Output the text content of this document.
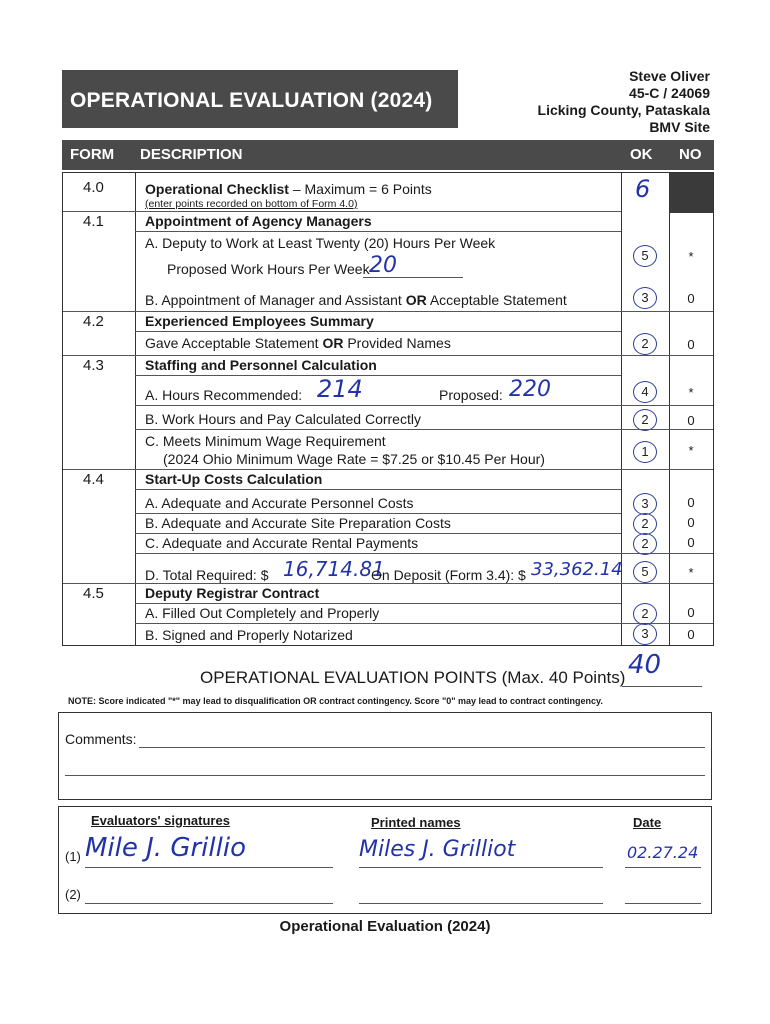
OPERATIONAL EVALUATION (2024)
Steve Oliver
45-C / 24069
Licking County, Pataskala
BMV Site
FORM DESCRIPTION	OK NO
4.0	Operational Checklist – Maximum = 6 Points
(enter points recorded on bottom of Form 4.0)
6
4.1	Appointment of Agency Managers
A. Deputy to Work at Least Twenty (20) Hours Per Week
Proposed Work Hours Per Week 20	5	*
B. Appointment of Manager and Assistant OR Acceptable Statement	3	0
4.2	Experienced Employees Summary
Gave Acceptable Statement OR Provided Names	2	0
4.3	Staffing and Personnel Calculation
A. Hours Recommended: 214	Proposed: 220	4	*
B. Work Hours and Pay Calculated Correctly	2	0
C. Meets Minimum Wage Requirement
(2024 Ohio Minimum Wage Rate = $7.25 or $10.45 Per Hour)	1	*
4.4	Start-Up Costs Calculation
A. Adequate and Accurate Personnel Costs	3	0
B. Adequate and Accurate Site Preparation Costs	2	0
C. Adequate and Accurate Rental Payments	2	0
D. Total Required: $ 16,714.81
On Deposit (Form 3.4): $ 33,362.14	5	*
4.5	Deputy Registrar Contract
A. Filled Out Completely and Properly	2	0
B. Signed and Properly Notarized	3	0
OPERATIONAL EVALUATION POINTS (Max. 40 Points) 40
NOTE: Score indicated "*" may lead to disqualification OR contract contingency. Score "0" may lead to contract contingency.
Comments:
Evaluators' signatures	Printed names	Date
(1) Mile J. Grillio	Miles J. Grilliot	02.27.24
(2)
Operational Evaluation (2024)
